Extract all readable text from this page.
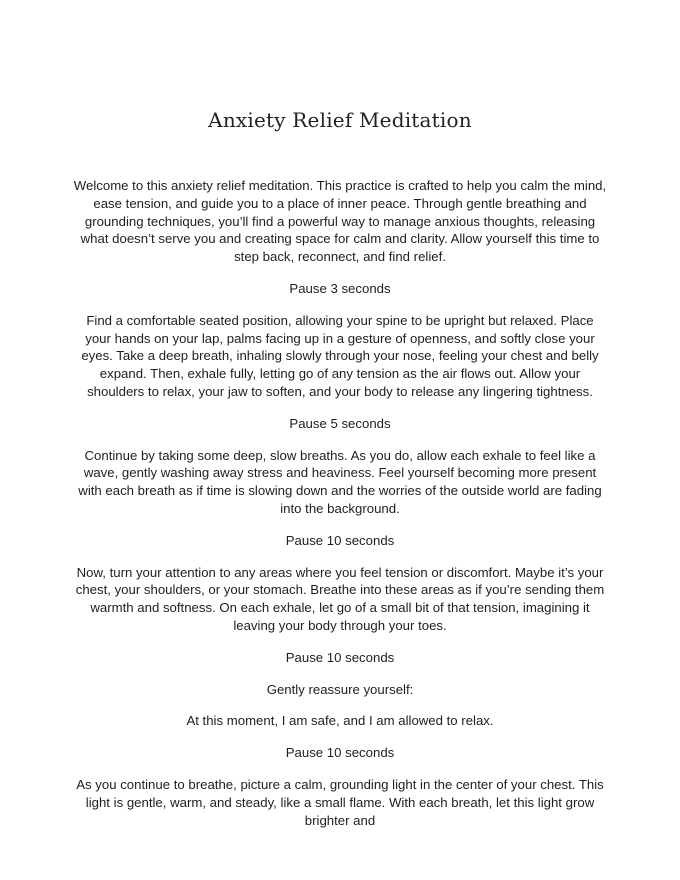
Anxiety Relief Meditation

Welcome to this anxiety relief meditation. This practice is crafted to help you calm the mind, ease tension, and guide you to a place of inner peace. Through gentle breathing and grounding techniques, you’ll find a powerful way to manage anxious thoughts, releasing what doesn’t serve you and creating space for calm and clarity. Allow yourself this time to step back, reconnect, and find relief.

Pause 3 seconds

Find a comfortable seated position, allowing your spine to be upright but relaxed. Place your hands on your lap, palms facing up in a gesture of openness, and softly close your eyes. Take a deep breath, inhaling slowly through your nose, feeling your chest and belly expand. Then, exhale fully, letting go of any tension as the air flows out. Allow your shoulders to relax, your jaw to soften, and your body to release any lingering tightness.

Pause 5 seconds

Continue by taking some deep, slow breaths. As you do, allow each exhale to feel like a wave, gently washing away stress and heaviness. Feel yourself becoming more present with each breath as if time is slowing down and the worries of the outside world are fading into the background.

Pause 10 seconds

Now, turn your attention to any areas where you feel tension or discomfort. Maybe it’s your chest, your shoulders, or your stomach. Breathe into these areas as if you’re sending them warmth and softness. On each exhale, let go of a small bit of that tension, imagining it leaving your body through your toes.

Pause 10 seconds

Gently reassure yourself:

At this moment, I am safe, and I am allowed to relax.

Pause 10 seconds

As you continue to breathe, picture a calm, grounding light in the center of your chest. This light is gentle, warm, and steady, like a small flame. With each breath, let this light grow brighter and
